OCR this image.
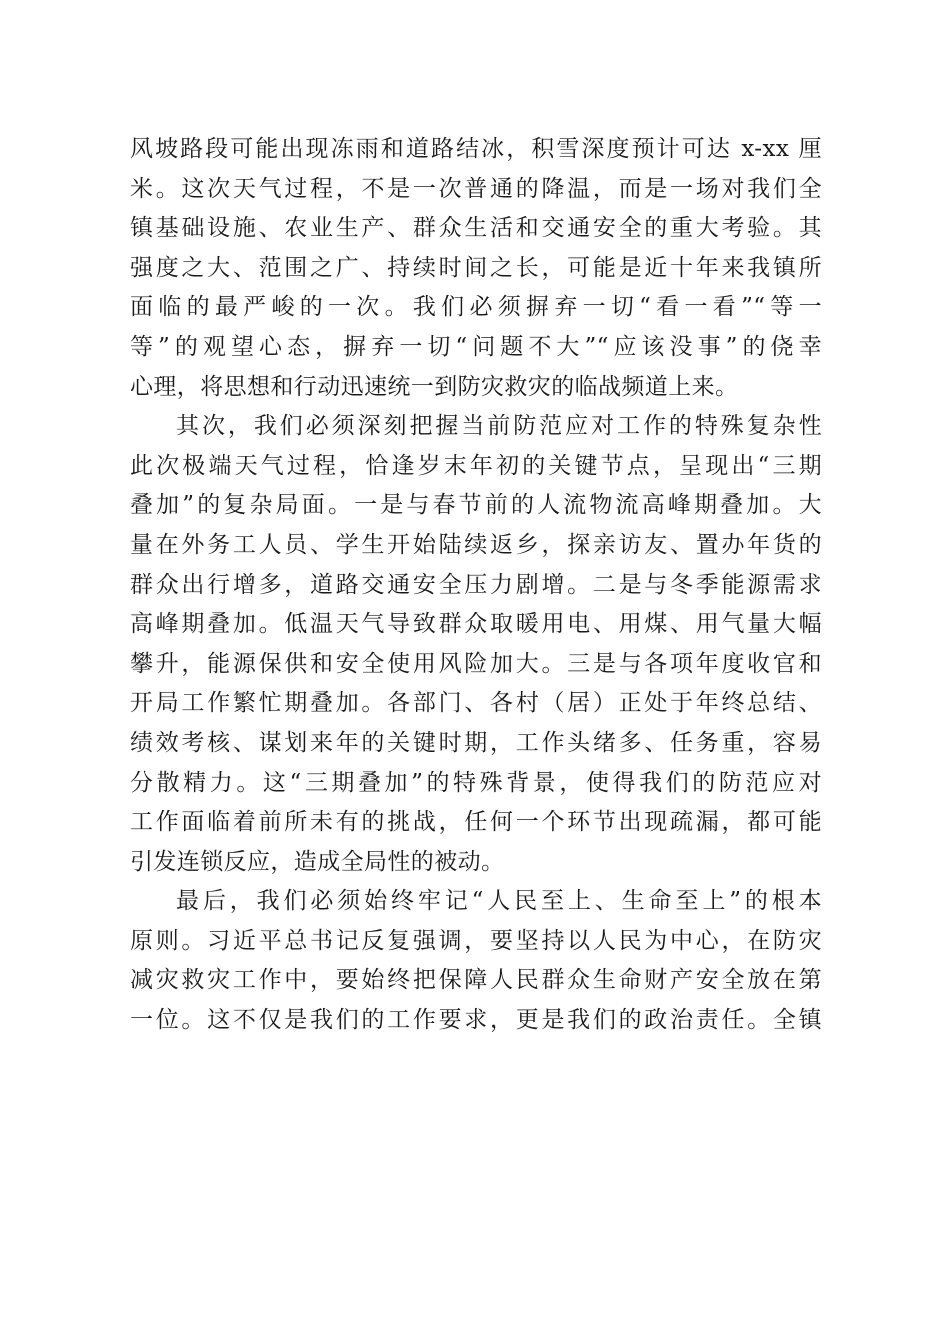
风坡路段可能出现冻雨和道路结冰，积雪深度预计可达 x-xx 厘
米。这次天气过程，不是一次普通的降温，而是一场对我们全
镇基础设施、农业生产、群众生活和交通安全的重大考验。其
强度之大、范围之广、持续时间之长，可能是近十年来我镇所
面临的最严峻的一次。我们必须摒弃一切“看一看”“等一
等”的观望心态，摒弃一切“问题不大”“应该没事”的侥幸
心理，将思想和行动迅速统一到防灾救灾的临战频道上来。
其次，我们必须深刻把握当前防范应对工作的特殊复杂性
此次极端天气过程，恰逢岁末年初的关键节点，呈现出“三期
叠加”的复杂局面。一是与春节前的人流物流高峰期叠加。大
量在外务工人员、学生开始陆续返乡，探亲访友、置办年货的
群众出行增多，道路交通安全压力剧增。二是与冬季能源需求
高峰期叠加。低温天气导致群众取暖用电、用煤、用气量大幅
攀升，能源保供和安全使用风险加大。三是与各项年度收官和
开局工作繁忙期叠加。各部门、各村（居）正处于年终总结、
绩效考核、谋划来年的关键时期，工作头绪多、任务重，容易
分散精力。这“三期叠加”的特殊背景，使得我们的防范应对
工作面临着前所未有的挑战，任何一个环节出现疏漏，都可能
引发连锁反应，造成全局性的被动。
最后，我们必须始终牢记“人民至上、生命至上”的根本
原则。习近平总书记反复强调，要坚持以人民为中心，在防灾
减灾救灾工作中，要始终把保障人民群众生命财产安全放在第
一位。这不仅是我们的工作要求，更是我们的政治责任。全镇
